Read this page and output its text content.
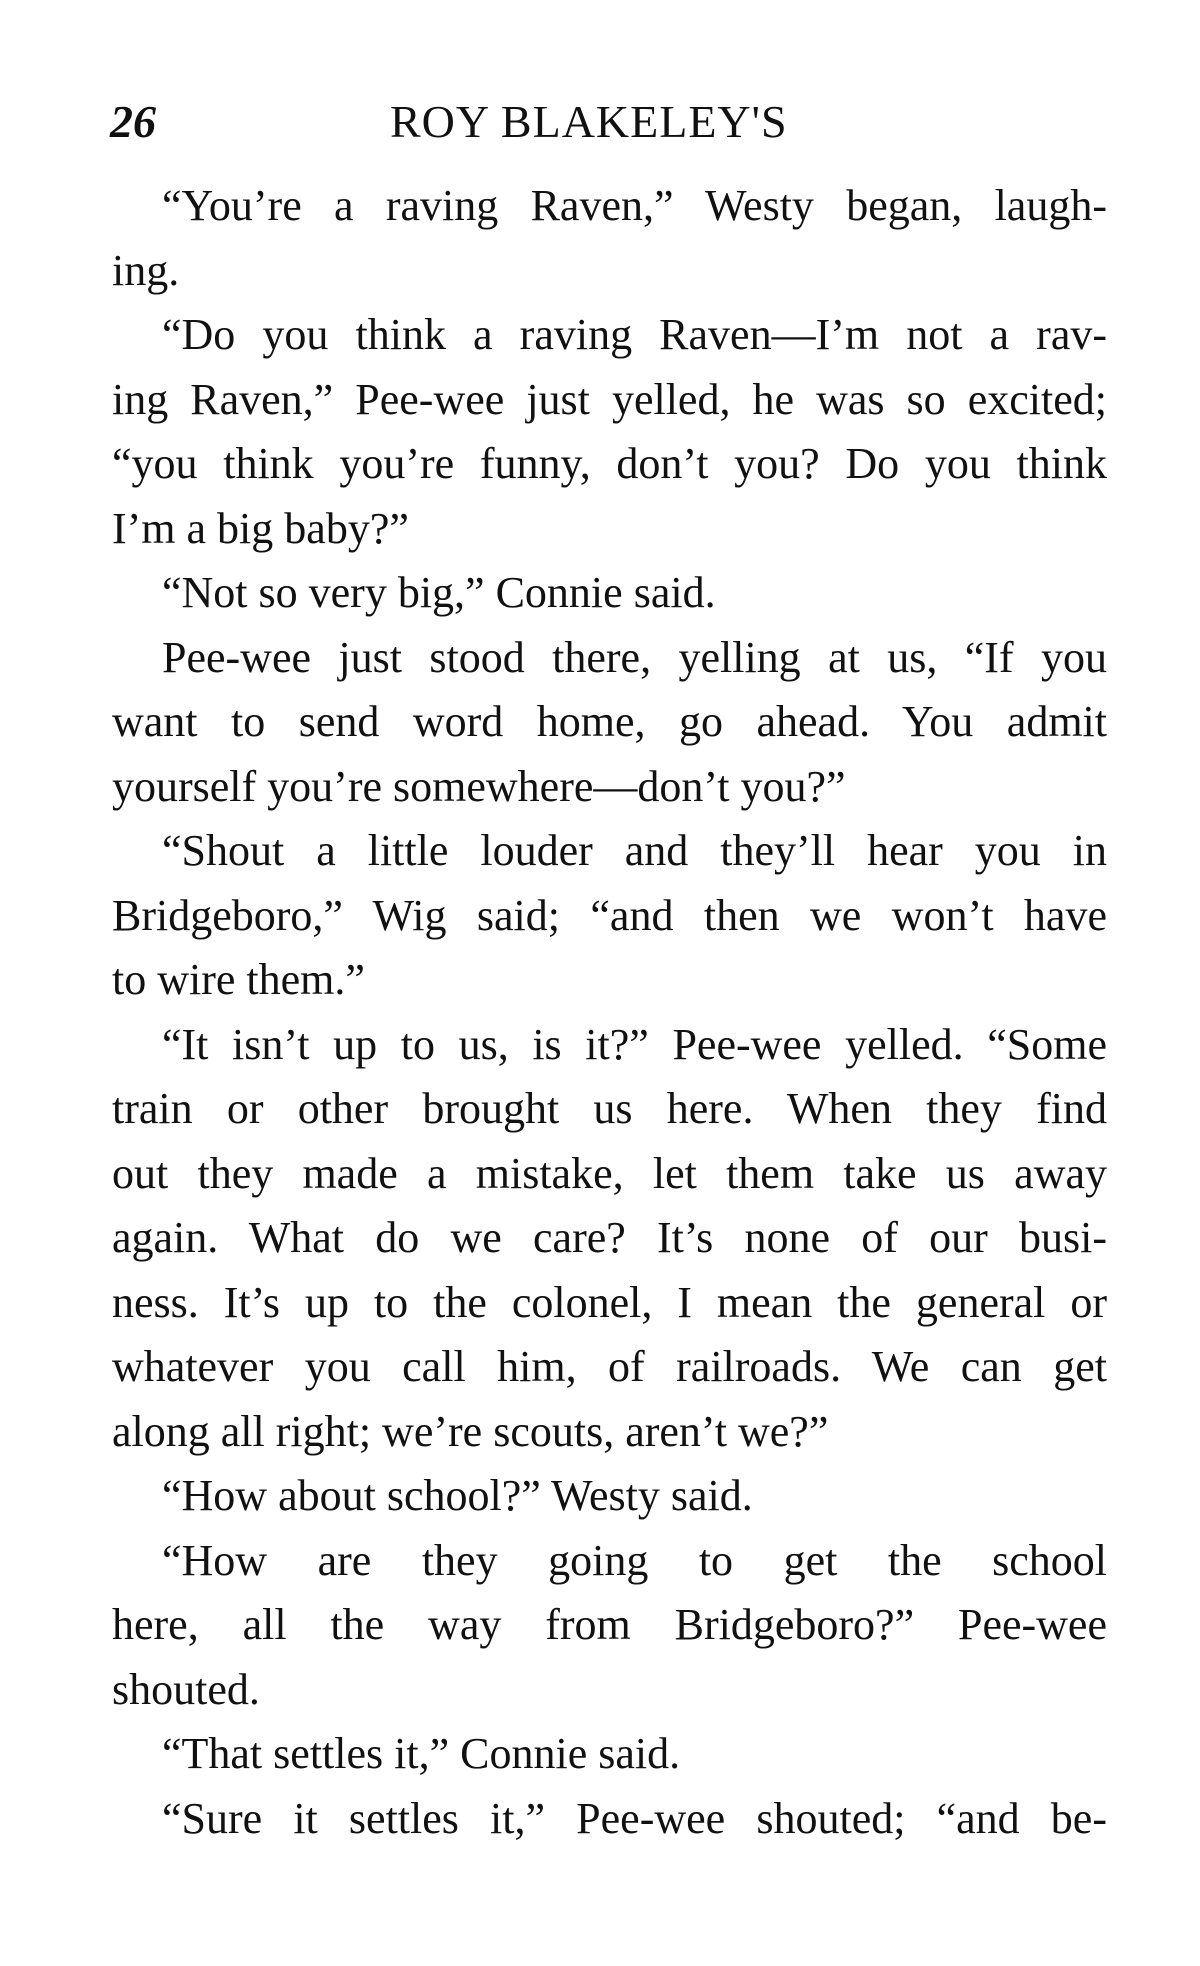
26	ROY BLAKELEY'S
“You’re a raving Raven,” Westy began, laugh-
ing.
“Do you think a raving Raven—I’m not a rav-
ing Raven,” Pee-wee just yelled, he was so excited;
“you think you’re funny, don’t you? Do you think
I’m a big baby?”
“Not so very big,” Connie said.
Pee-wee just stood there, yelling at us, “If you
want to send word home, go ahead. You admit
yourself you’re somewhere—don’t you?”
“Shout a little louder and they’ll hear you in
Bridgeboro,” Wig said; “and then we won’t have
to wire them.”
“It isn’t up to us, is it?” Pee-wee yelled. “Some
train or other brought us here. When they find
out they made a mistake, let them take us away
again. What do we care? It’s none of our busi-
ness. It’s up to the colonel, I mean the general or
whatever you call him, of railroads. We can get
along all right; we’re scouts, aren’t we?”
“How about school?” Westy said.
“How are they going to get the school
here, all the way from Bridgeboro?” Pee-wee
shouted.
“That settles it,” Connie said.
“Sure it settles it,” Pee-wee shouted; “and be-
